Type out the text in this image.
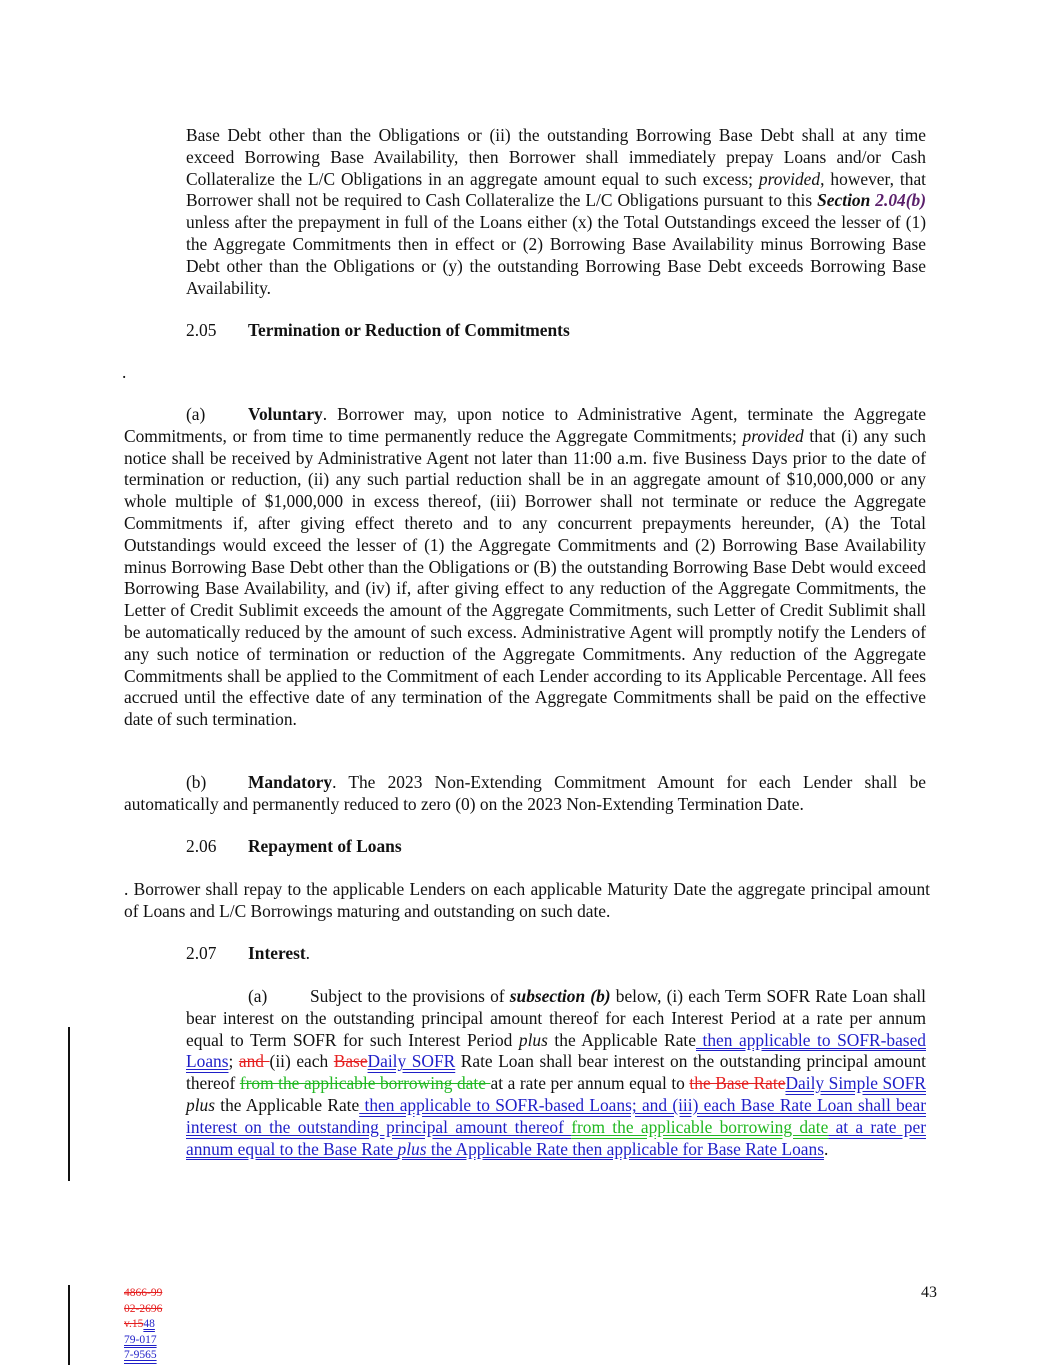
Base Debt other than the Obligations or (ii) the outstanding Borrowing Base Debt shall at any time exceed Borrowing Base Availability, then Borrower shall immediately prepay Loans and/or Cash Collateralize the L/C Obligations in an aggregate amount equal to such excess; provided, however, that Borrower shall not be required to Cash Collateralize the L/C Obligations pursuant to this Section 2.04(b) unless after the prepayment in full of the Loans either (x) the Total Outstandings exceed the lesser of (1) the Aggregate Commitments then in effect or (2) Borrowing Base Availability minus Borrowing Base Debt other than the Obligations or (y) the outstanding Borrowing Base Debt exceeds Borrowing Base Availability.

2.05 Termination or Reduction of Commitments
.

(a) Voluntary. Borrower may, upon notice to Administrative Agent, terminate the Aggregate Commitments, or from time to time permanently reduce the Aggregate Commitments; provided that (i) any such notice shall be received by Administrative Agent not later than 11:00 a.m. five Business Days prior to the date of termination or reduction, (ii) any such partial reduction shall be in an aggregate amount of $10,000,000 or any whole multiple of $1,000,000 in excess thereof, (iii) Borrower shall not terminate or reduce the Aggregate Commitments if, after giving effect thereto and to any concurrent prepayments hereunder, (A) the Total Outstandings would exceed the lesser of (1) the Aggregate Commitments and (2) Borrowing Base Availability minus Borrowing Base Debt other than the Obligations or (B) the outstanding Borrowing Base Debt would exceed Borrowing Base Availability, and (iv) if, after giving effect to any reduction of the Aggregate Commitments, the Letter of Credit Sublimit exceeds the amount of the Aggregate Commitments, such Letter of Credit Sublimit shall be automatically reduced by the amount of such excess. Administrative Agent will promptly notify the Lenders of any such notice of termination or reduction of the Aggregate Commitments. Any reduction of the Aggregate Commitments shall be applied to the Commitment of each Lender according to its Applicable Percentage. All fees accrued until the effective date of any termination of the Aggregate Commitments shall be paid on the effective date of such termination.

(b) Mandatory. The 2023 Non-Extending Commitment Amount for each Lender shall be automatically and permanently reduced to zero (0) on the 2023 Non-Extending Termination Date.

2.06 Repayment of Loans

. Borrower shall repay to the applicable Lenders on each applicable Maturity Date the aggregate principal amount of Loans and L/C Borrowings maturing and outstanding on such date.

2.07 Interest.

(a) Subject to the provisions of subsection (b) below, (i) each Term SOFR Rate Loan shall bear interest on the outstanding principal amount thereof for each Interest Period at a rate per annum equal to Term SOFR for such Interest Period plus the Applicable Rate then applicable to SOFR-based Loans; and (ii) each BaseDaily SOFR Rate Loan shall bear interest on the outstanding principal amount thereof from the applicable borrowing date at a rate per annum equal to the Base RateDaily Simple SOFR plus the Applicable Rate then applicable to SOFR-based Loans; and (iii) each Base Rate Loan shall bear interest on the outstanding principal amount thereof from the applicable borrowing date at a rate per annum equal to the Base Rate plus the Applicable Rate then applicable for Base Rate Loans.

4866-99
02-2696
v.1548
79-017
7-9565
43
